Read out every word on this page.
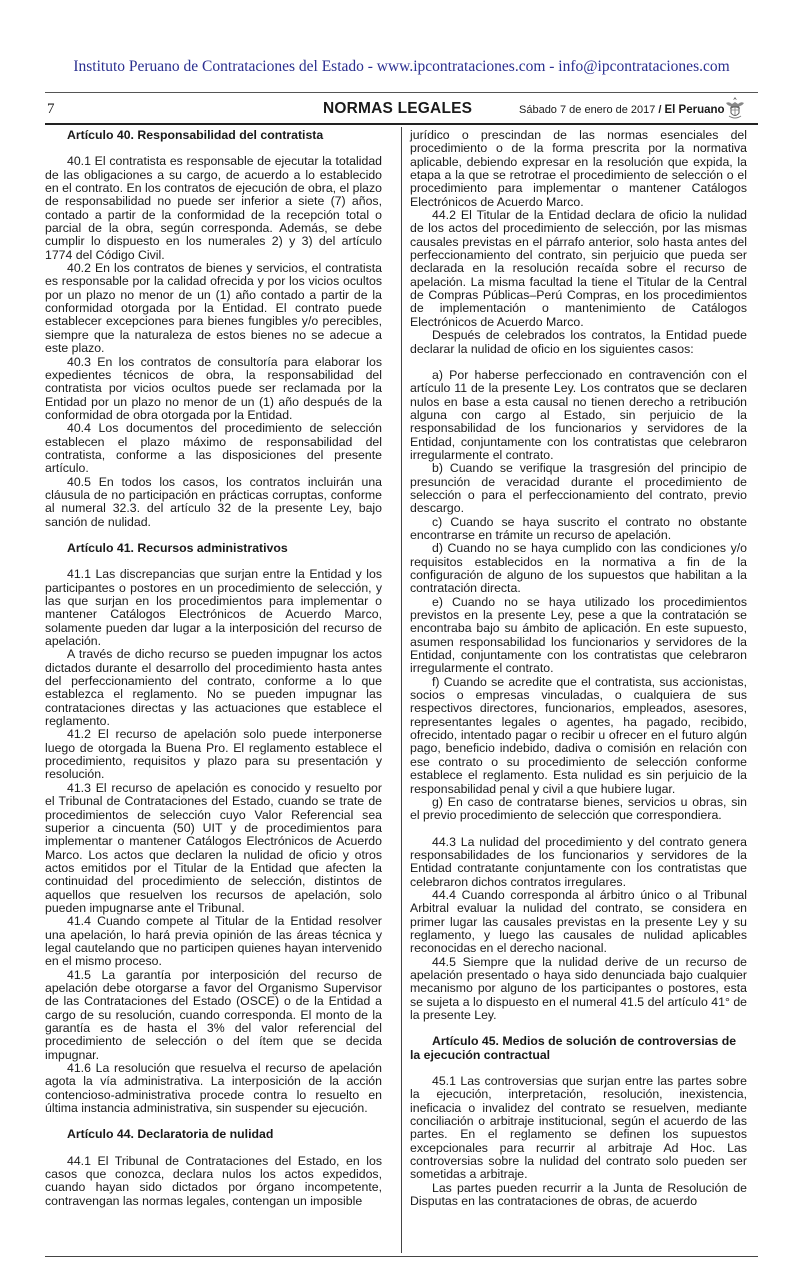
Instituto Peruano de Contrataciones del Estado - www.ipcontrataciones.com - info@ipcontrataciones.com
7	NORMAS LEGALES	Sábado 7 de enero de 2017 / El Peruano
Artículo 40. Responsabilidad del contratista

40.1 El contratista es responsable de ejecutar la totalidad de las obligaciones a su cargo, de acuerdo a lo establecido en el contrato. En los contratos de ejecución de obra, el plazo de responsabilidad no puede ser inferior a siete (7) años, contado a partir de la conformidad de la recepción total o parcial de la obra, según corresponda. Además, se debe cumplir lo dispuesto en los numerales 2) y 3) del artículo 1774 del Código Civil.

40.2 En los contratos de bienes y servicios, el contratista es responsable por la calidad ofrecida y por los vicios ocultos por un plazo no menor de un (1) año contado a partir de la conformidad otorgada por la Entidad. El contrato puede establecer excepciones para bienes fungibles y/o perecibles, siempre que la naturaleza de estos bienes no se adecue a este plazo.

40.3 En los contratos de consultoría para elaborar los expedientes técnicos de obra, la responsabilidad del contratista por vicios ocultos puede ser reclamada por la Entidad por un plazo no menor de un (1) año después de la conformidad de obra otorgada por la Entidad.

40.4 Los documentos del procedimiento de selección establecen el plazo máximo de responsabilidad del contratista, conforme a las disposiciones del presente artículo.

40.5 En todos los casos, los contratos incluirán una cláusula de no participación en prácticas corruptas, conforme al numeral 32.3. del artículo 32 de la presente Ley, bajo sanción de nulidad.

Artículo 41. Recursos administrativos

41.1 Las discrepancias que surjan entre la Entidad y los participantes o postores en un procedimiento de selección, y las que surjan en los procedimientos para implementar o mantener Catálogos Electrónicos de Acuerdo Marco, solamente pueden dar lugar a la interposición del recurso de apelación.

A través de dicho recurso se pueden impugnar los actos dictados durante el desarrollo del procedimiento hasta antes del perfeccionamiento del contrato, conforme a lo que establezca el reglamento. No se pueden impugnar las contrataciones directas y las actuaciones que establece el reglamento.

41.2 El recurso de apelación solo puede interponerse luego de otorgada la Buena Pro. El reglamento establece el procedimiento, requisitos y plazo para su presentación y resolución.

41.3 El recurso de apelación es conocido y resuelto por el Tribunal de Contrataciones del Estado, cuando se trate de procedimientos de selección cuyo Valor Referencial sea superior a cincuenta (50) UIT y de procedimientos para implementar o mantener Catálogos Electrónicos de Acuerdo Marco. Los actos que declaren la nulidad de oficio y otros actos emitidos por el Titular de la Entidad que afecten la continuidad del procedimiento de selección, distintos de aquellos que resuelven los recursos de apelación, solo pueden impugnarse ante el Tribunal.

41.4 Cuando compete al Titular de la Entidad resolver una apelación, lo hará previa opinión de las áreas técnica y legal cautelando que no participen quienes hayan intervenido en el mismo proceso.

41.5 La garantía por interposición del recurso de apelación debe otorgarse a favor del Organismo Supervisor de las Contrataciones del Estado (OSCE) o de la Entidad a cargo de su resolución, cuando corresponda. El monto de la garantía es de hasta el 3% del valor referencial del procedimiento de selección o del ítem que se decida impugnar.

41.6 La resolución que resuelva el recurso de apelación agota la vía administrativa. La interposición de la acción contencioso-administrativa procede contra lo resuelto en última instancia administrativa, sin suspender su ejecución.

Artículo 44. Declaratoria de nulidad

44.1 El Tribunal de Contrataciones del Estado, en los casos que conozca, declara nulos los actos expedidos, cuando hayan sido dictados por órgano incompetente, contravengan las normas legales, contengan un imposible

jurídico o prescindan de las normas esenciales del procedimiento o de la forma prescrita por la normativa aplicable, debiendo expresar en la resolución que expida, la etapa a la que se retrotrae el procedimiento de selección o el procedimiento para implementar o mantener Catálogos Electrónicos de Acuerdo Marco.

44.2 El Titular de la Entidad declara de oficio la nulidad de los actos del procedimiento de selección, por las mismas causales previstas en el párrafo anterior, solo hasta antes del perfeccionamiento del contrato, sin perjuicio que pueda ser declarada en la resolución recaída sobre el recurso de apelación. La misma facultad la tiene el Titular de la Central de Compras Públicas–Perú Compras, en los procedimientos de implementación o mantenimiento de Catálogos Electrónicos de Acuerdo Marco.

Después de celebrados los contratos, la Entidad puede declarar la nulidad de oficio en los siguientes casos:

a) Por haberse perfeccionado en contravención con el artículo 11 de la presente Ley. Los contratos que se declaren nulos en base a esta causal no tienen derecho a retribución alguna con cargo al Estado, sin perjuicio de la responsabilidad de los funcionarios y servidores de la Entidad, conjuntamente con los contratistas que celebraron irregularmente el contrato.

b) Cuando se verifique la trasgresión del principio de presunción de veracidad durante el procedimiento de selección o para el perfeccionamiento del contrato, previo descargo.

c) Cuando se haya suscrito el contrato no obstante encontrarse en trámite un recurso de apelación.

d) Cuando no se haya cumplido con las condiciones y/o requisitos establecidos en la normativa a fin de la configuración de alguno de los supuestos que habilitan a la contratación directa.

e) Cuando no se haya utilizado los procedimientos previstos en la presente Ley, pese a que la contratación se encontraba bajo su ámbito de aplicación. En este supuesto, asumen responsabilidad los funcionarios y servidores de la Entidad, conjuntamente con los contratistas que celebraron irregularmente el contrato.

f) Cuando se acredite que el contratista, sus accionistas, socios o empresas vinculadas, o cualquiera de sus respectivos directores, funcionarios, empleados, asesores, representantes legales o agentes, ha pagado, recibido, ofrecido, intentado pagar o recibir u ofrecer en el futuro algún pago, beneficio indebido, dadiva o comisión en relación con ese contrato o su procedimiento de selección conforme establece el reglamento. Esta nulidad es sin perjuicio de la responsabilidad penal y civil a que hubiere lugar.

g) En caso de contratarse bienes, servicios u obras, sin el previo procedimiento de selección que correspondiera.

44.3 La nulidad del procedimiento y del contrato genera responsabilidades de los funcionarios y servidores de la Entidad contratante conjuntamente con los contratistas que celebraron dichos contratos irregulares.

44.4 Cuando corresponda al árbitro único o al Tribunal Arbitral evaluar la nulidad del contrato, se considera en primer lugar las causales previstas en la presente Ley y su reglamento, y luego las causales de nulidad aplicables reconocidas en el derecho nacional.

44.5 Siempre que la nulidad derive de un recurso de apelación presentado o haya sido denunciada bajo cualquier mecanismo por alguno de los participantes o postores, esta se sujeta a lo dispuesto en el numeral 41.5 del artículo 41° de la presente Ley.

Artículo 45. Medios de solución de controversias de la ejecución contractual

45.1 Las controversias que surjan entre las partes sobre la ejecución, interpretación, resolución, inexistencia, ineficacia o invalidez del contrato se resuelven, mediante conciliación o arbitraje institucional, según el acuerdo de las partes. En el reglamento se definen los supuestos excepcionales para recurrir al arbitraje Ad Hoc. Las controversias sobre la nulidad del contrato solo pueden ser sometidas a arbitraje.

Las partes pueden recurrir a la Junta de Resolución de Disputas en las contrataciones de obras, de acuerdo
